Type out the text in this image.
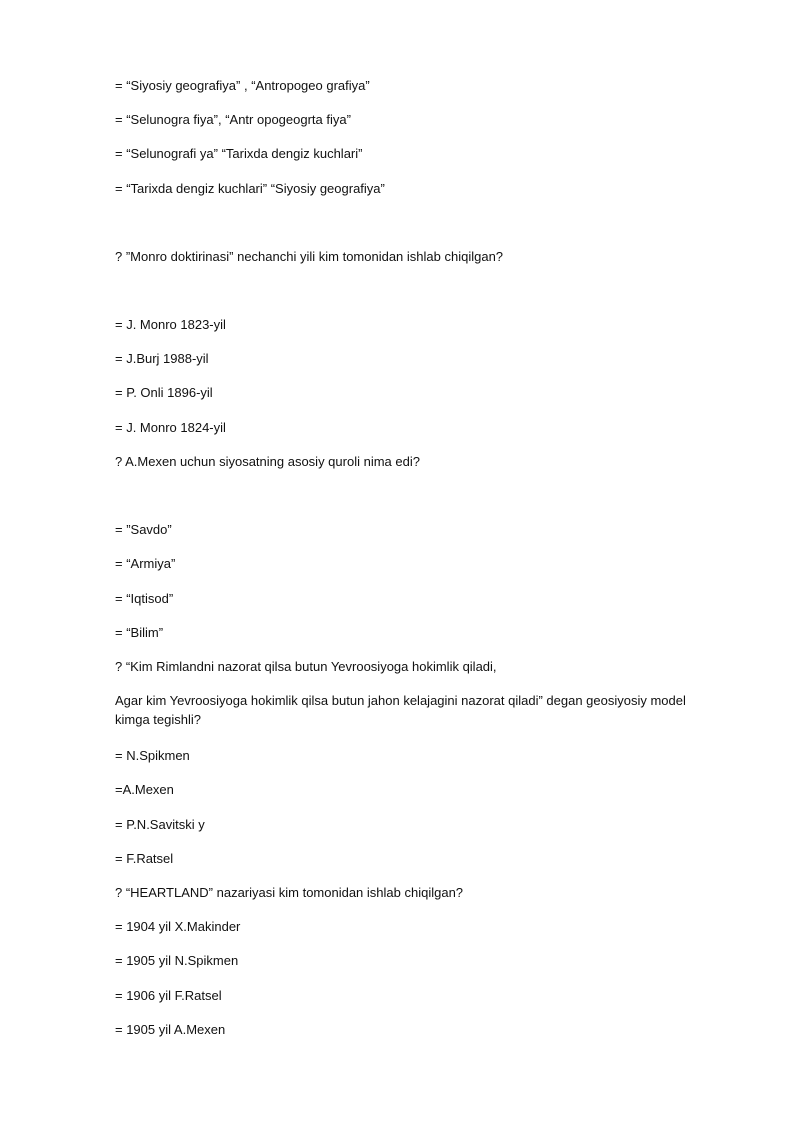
= “Siyosiy geografiya” , “Antropogeo grafiya”
= “Selunogra fiya”, “Antr opogeogrta fiya”
= “Selunografi ya” “Tarixda dengiz kuchlari”
= “Tarixda dengiz kuchlari” “Siyosiy geografiya”
? ”Monro doktirinasi” nechanchi yili kim tomonidan ishlab chiqilgan?
= J. Monro 1823-yil
= J.Burj 1988-yil
= P. Onli 1896-yil
= J. Monro 1824-yil
? A.Mexen uchun siyosatning asosiy quroli nima edi?
= ”Savdo”
= “Armiya”
= “Iqtisod”
= “Bilim”
? “Kim Rimlandni nazorat qilsa butun Yevroosiyoga hokimlik qiladi,
Agar kim Yevroosiyoga hokimlik qilsa butun jahon kelajagini nazorat qiladi” degan geosiyosiy model kimga tegishli?
= N.Spikmen
=A.Mexen
= P.N.Savitski y
= F.Ratsel
? “HEARTLAND” nazariyasi kim tomonidan ishlab chiqilgan?
= 1904 yil X.Makinder
= 1905 yil N.Spikmen
= 1906 yil F.Ratsel
= 1905 yil A.Mexen
